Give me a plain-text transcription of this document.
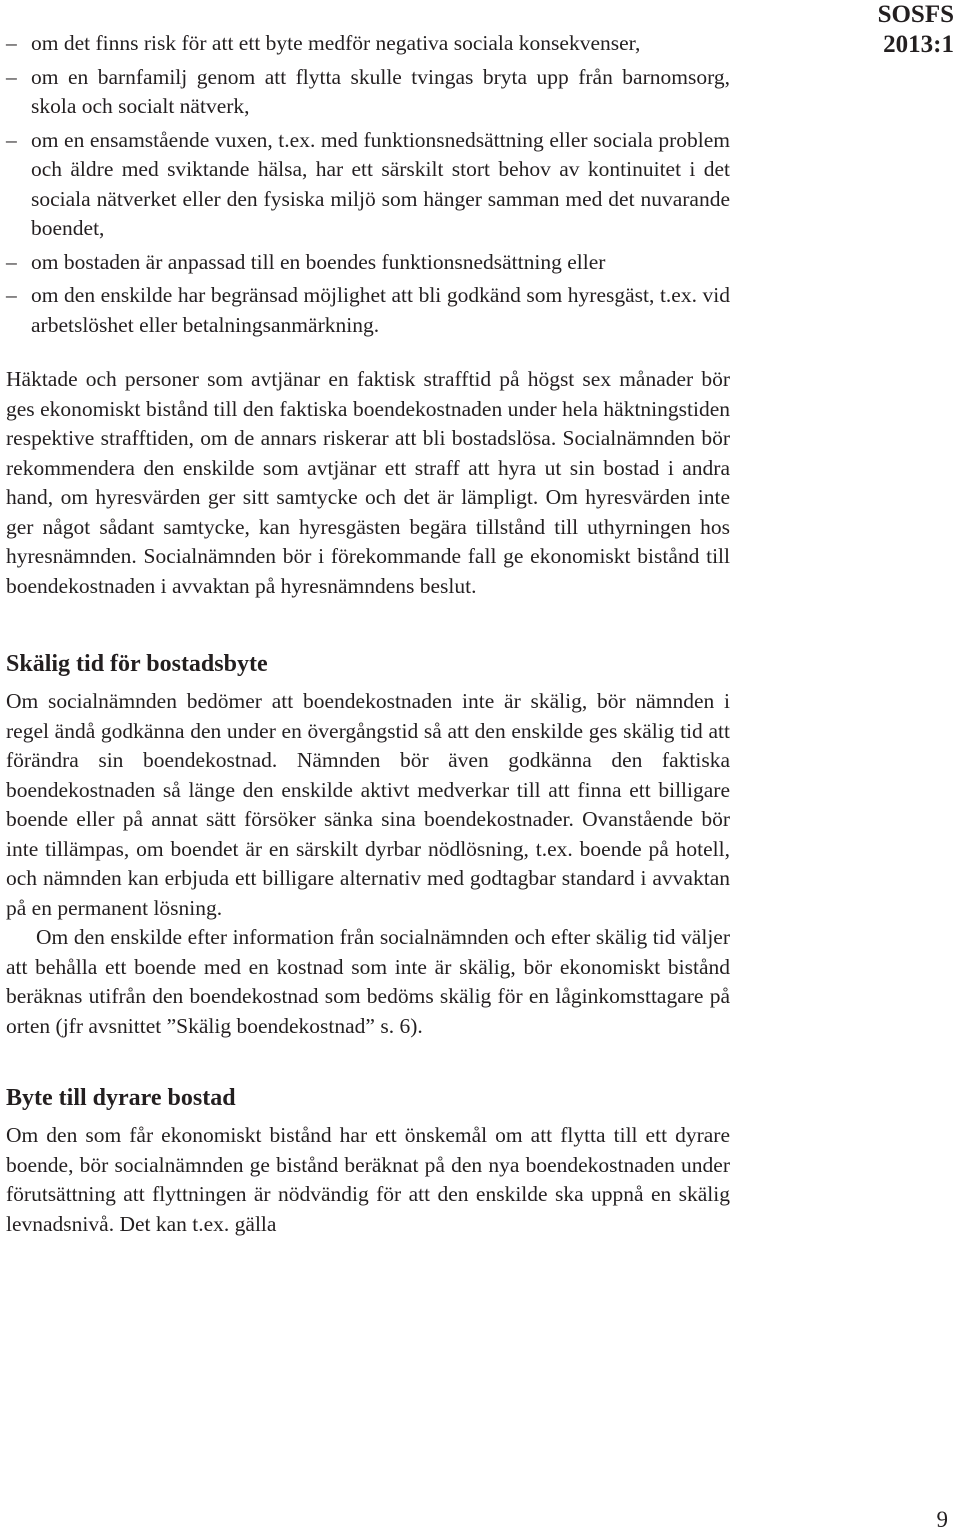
SOSFS
2013:1
– om det finns risk för att ett byte medför negativa sociala konsekvenser,
– om en barnfamilj genom att flytta skulle tvingas bryta upp från barnomsorg, skola och socialt nätverk,
– om en ensamstående vuxen, t.ex. med funktionsnedsättning eller sociala problem och äldre med sviktande hälsa, har ett särskilt stort behov av kontinuitet i det sociala nätverket eller den fysiska miljö som hänger samman med det nuvarande boendet,
– om bostaden är anpassad till en boendes funktionsnedsättning eller
– om den enskilde har begränsad möjlighet att bli godkänd som hyresgäst, t.ex. vid arbetslöshet eller betalningsanmärkning.

Häktade och personer som avtjänar en faktisk strafftid på högst sex månader bör ges ekonomiskt bistånd till den faktiska boendekostnaden under hela häktningstiden respektive strafftiden, om de annars riskerar att bli bostadslösa. Socialnämnden bör rekommendera den enskilde som avtjänar ett straff att hyra ut sin bostad i andra hand, om hyresvärden ger sitt samtycke och det är lämpligt. Om hyresvärden inte ger något sådant samtycke, kan hyresgästen begära tillstånd till uthyrningen hos hyresnämnden. Socialnämnden bör i förekommande fall ge ekonomiskt bistånd till boendekostnaden i avvaktan på hyresnämndens beslut.

Skälig tid för bostadsbyte

Om socialnämnden bedömer att boendekostnaden inte är skälig, bör nämnden i regel ändå godkänna den under en övergångstid så att den enskilde ges skälig tid att förändra sin boendekostnad. Nämnden bör även godkänna den faktiska boendekostnaden så länge den enskilde aktivt medverkar till att finna ett billigare boende eller på annat sätt försöker sänka sina boendekostnader. Ovanstående bör inte tillämpas, om boendet är en särskilt dyrbar nödlösning, t.ex. boende på hotell, och nämnden kan erbjuda ett billigare alternativ med godtagbar standard i avvaktan på en permanent lösning.

Om den enskilde efter information från socialnämnden och efter skälig tid väljer att behålla ett boende med en kostnad som inte är skälig, bör ekonomiskt bistånd beräknas utifrån den boendekostnad som bedöms skälig för en låginkomsttagare på orten (jfr avsnittet ”Skälig boendekostnad” s. 6).

Byte till dyrare bostad

Om den som får ekonomiskt bistånd har ett önskemål om att flytta till ett dyrare boende, bör socialnämnden ge bistånd beräknat på den nya boendekostnaden under förutsättning att flyttningen är nödvändig för att den enskilde ska uppnå en skälig levnadsnivå. Det kan t.ex. gälla

9
